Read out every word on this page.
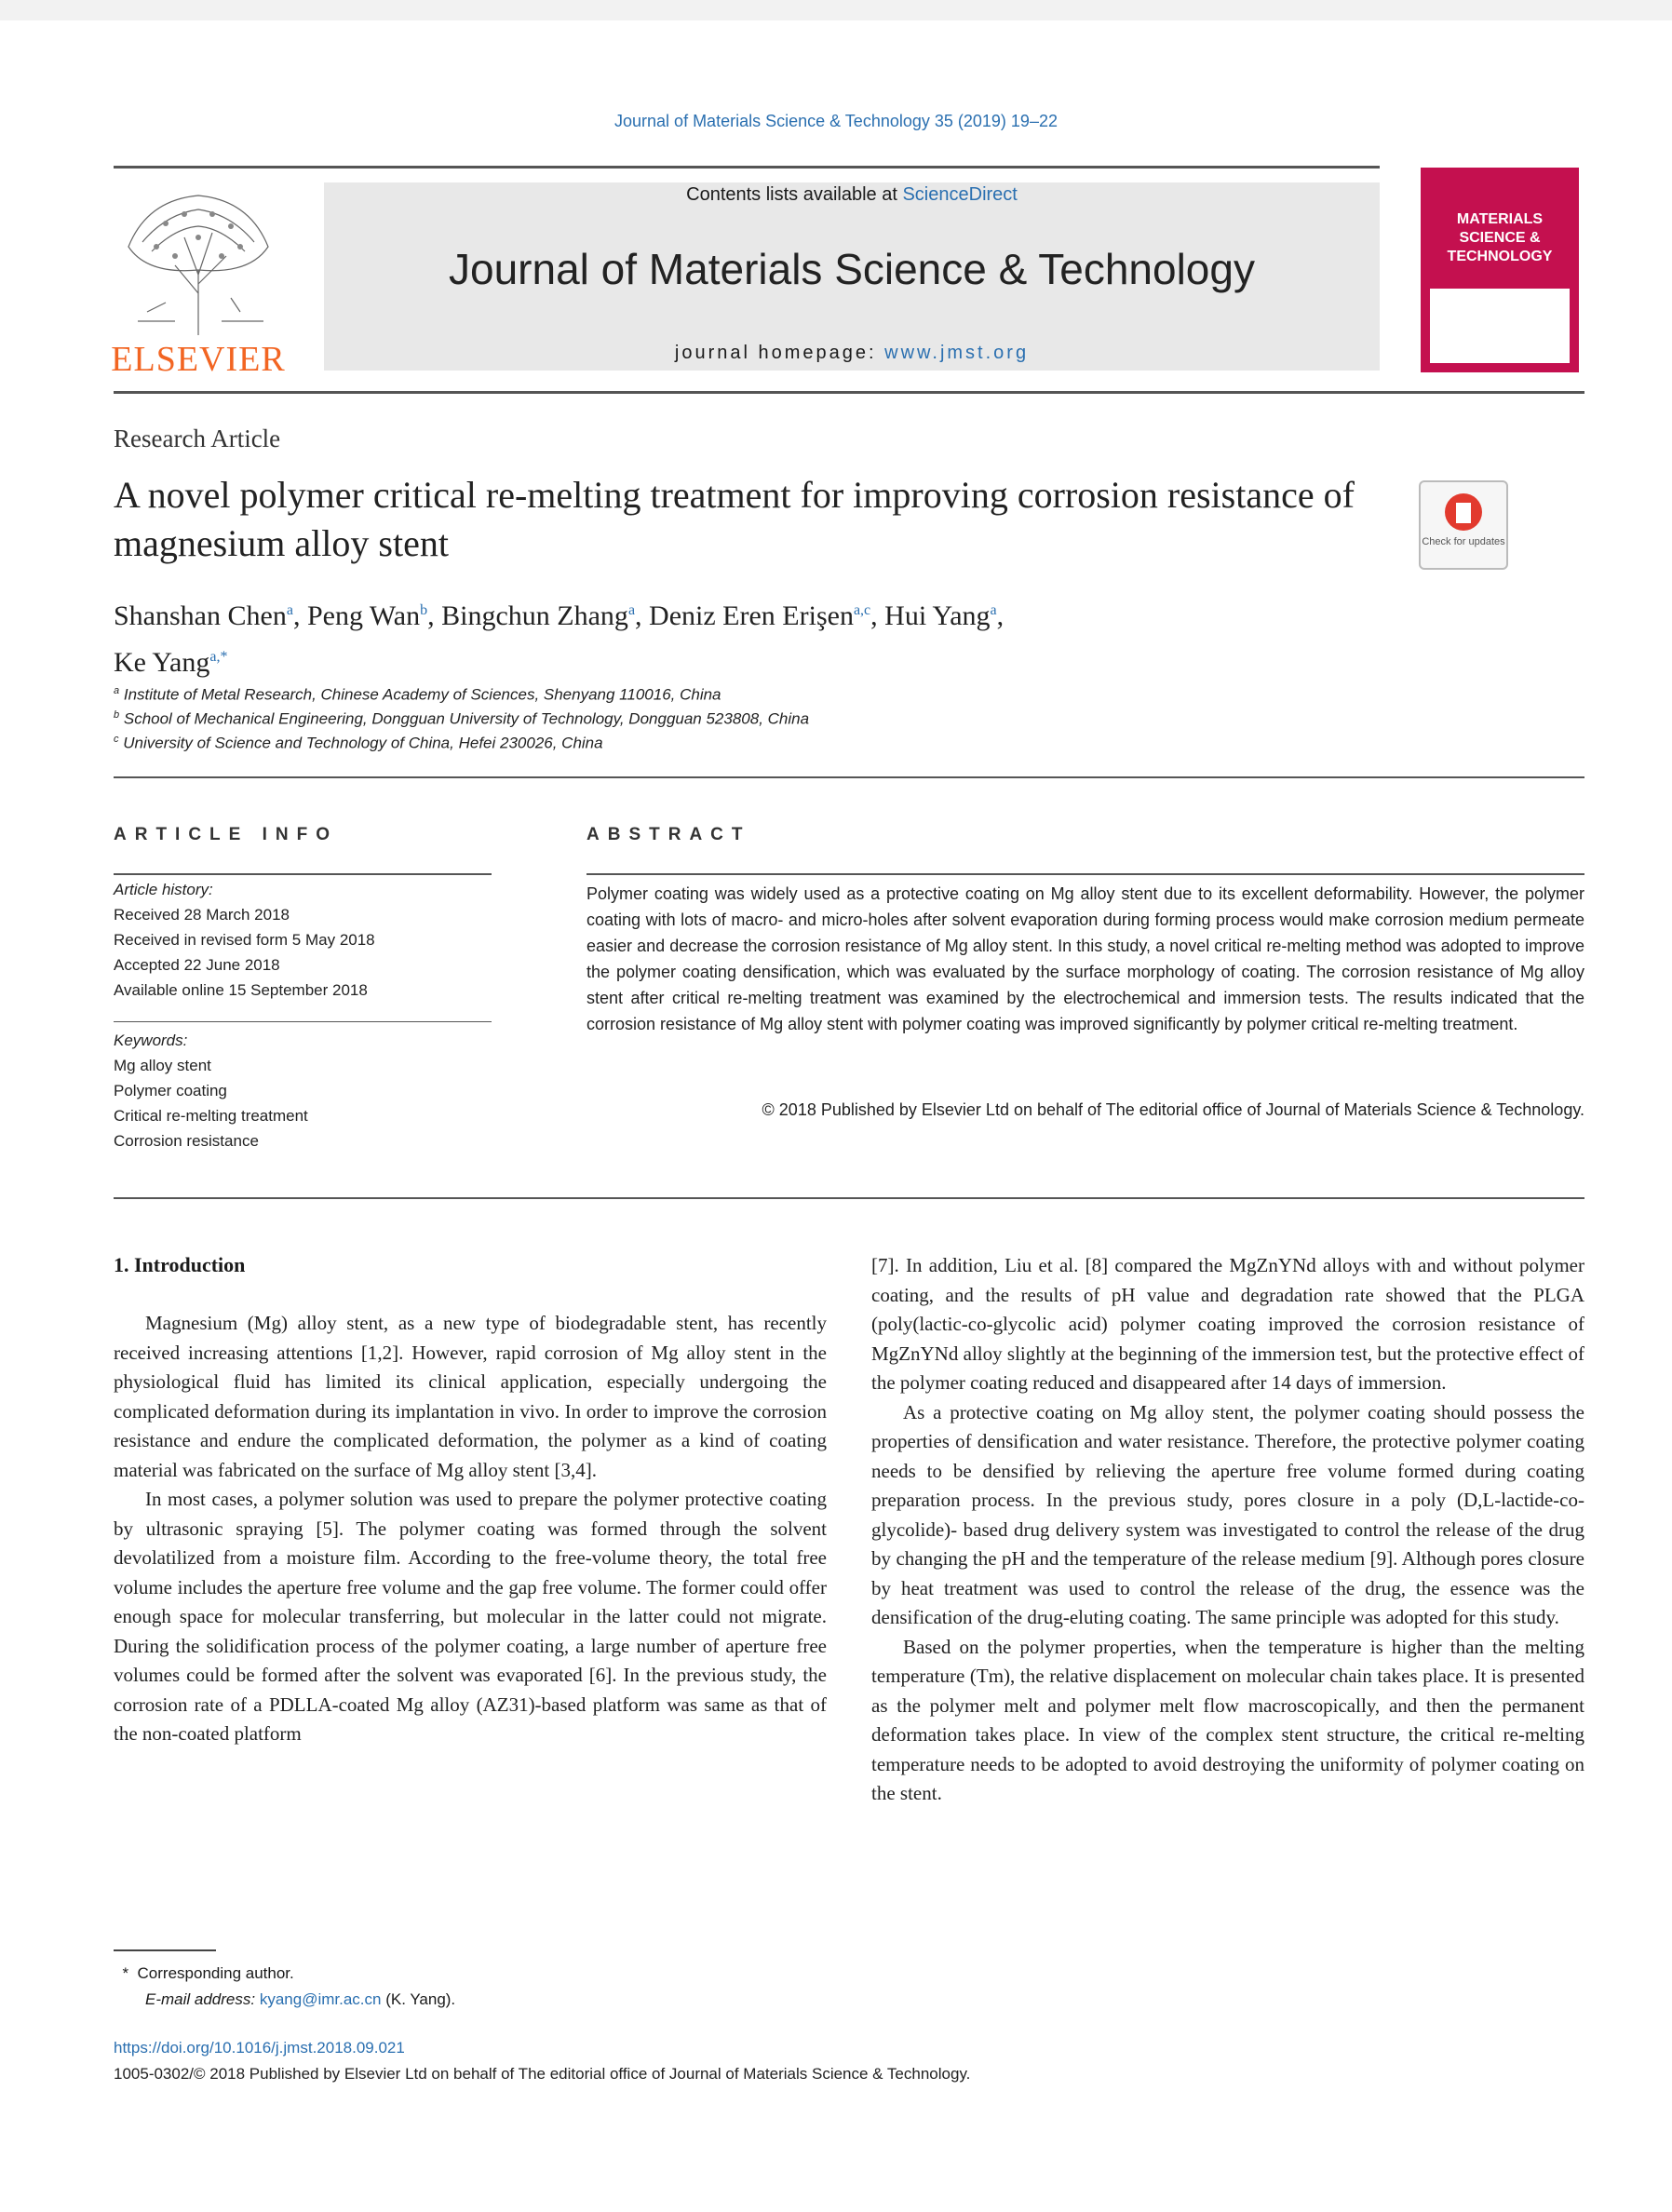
Journal of Materials Science & Technology 35 (2019) 19–22
ELSEVIER
Contents lists available at ScienceDirect
Journal of Materials Science & Technology
journal homepage: www.jmst.org
MATERIALS
SCIENCE &
TECHNOLOGY
Research Article
A novel polymer critical re-melting treatment for improving corrosion resistance of magnesium alloy stent	Check for updates
Shanshan Chen$^a$, Peng Wan$^b$, Bingchun Zhang$^a$, Deniz Eren Erişen$^{a,c}$, Hui Yang$^a$,
Ke Yang$^{a,*}$
$^a$ Institute of Metal Research, Chinese Academy of Sciences, Shenyang 110016, China
$^b$ School of Mechanical Engineering, Dongguan University of Technology, Dongguan 523808, China
$^c$ University of Science and Technology of China, Hefei 230026, China
ARTICLE INFO	ABSTRACT
Article history:
Received 28 March 2018
Received in revised form 5 May 2018
Accepted 22 June 2018
Available online 15 September 2018
Keywords:
Mg alloy stent
Polymer coating
Critical re-melting treatment
Corrosion resistance
Polymer coating was widely used as a protective coating on Mg alloy stent due to its excellent deformability. However, the polymer coating with lots of macro- and micro-holes after solvent evaporation during forming process would make corrosion medium permeate easier and decrease the corrosion resistance of Mg alloy stent. In this study, a novel critical re-melting method was adopted to improve the polymer coating densification, which was evaluated by the surface morphology of coating. The corrosion resistance of Mg alloy stent after critical re-melting treatment was examined by the electrochemical and immersion tests. The results indicated that the corrosion resistance of Mg alloy stent with polymer coating was improved significantly by polymer critical re-melting treatment.
© 2018 Published by Elsevier Ltd on behalf of The editorial office of Journal of Materials Science & Technology.
1. Introduction

Magnesium (Mg) alloy stent, as a new type of biodegradable stent, has recently received increasing attentions [1,2]. However, rapid corrosion of Mg alloy stent in the physiological fluid has limited its clinical application, especially undergoing the complicated deformation during its implantation in vivo. In order to improve the corrosion resistance and endure the complicated deformation, the polymer as a kind of coating material was fabricated on the surface of Mg alloy stent [3,4].

In most cases, a polymer solution was used to prepare the polymer protective coating by ultrasonic spraying [5]. The polymer coating was formed through the solvent devolatilized from a moisture film. According to the free-volume theory, the total free volume includes the aperture free volume and the gap free volume. The former could offer enough space for molecular transferring, but molecular in the latter could not migrate. During the solidification process of the polymer coating, a large number of aperture free volumes could be formed after the solvent was evaporated [6]. In the previous study, the corrosion rate of a PDLLA-coated Mg alloy (AZ31)-based platform was same as that of the non-coated platform

[7]. In addition, Liu et al. [8] compared the MgZnYNd alloys with and without polymer coating, and the results of pH value and degradation rate showed that the PLGA (poly(lactic-co-glycolic acid) polymer coating improved the corrosion resistance of MgZnYNd alloy slightly at the beginning of the immersion test, but the protective effect of the polymer coating reduced and disappeared after 14 days of immersion.

As a protective coating on Mg alloy stent, the polymer coating should possess the properties of densification and water resistance. Therefore, the protective polymer coating needs to be densified by relieving the aperture free volume formed during coating preparation process. In the previous study, pores closure in a poly (D,L-lactide-co-glycolide)- based drug delivery system was investigated to control the release of the drug by changing the pH and the temperature of the release medium [9]. Although pores closure by heat treatment was used to control the release of the drug, the essence was the densification of the drug-eluting coating. The same principle was adopted for this study.

Based on the polymer properties, when the temperature is higher than the melting temperature (Tm), the relative displacement on molecular chain takes place. It is presented as the polymer melt and polymer melt flow macroscopically, and then the permanent deformation takes place. In view of the complex stent structure, the critical re-melting temperature needs to be adopted to avoid destroying the uniformity of polymer coating on the stent.

* Corresponding author.
E-mail address: kyang@imr.ac.cn (K. Yang).
https://doi.org/10.1016/j.jmst.2018.09.021
1005-0302/© 2018 Published by Elsevier Ltd on behalf of The editorial office of Journal of Materials Science & Technology.
